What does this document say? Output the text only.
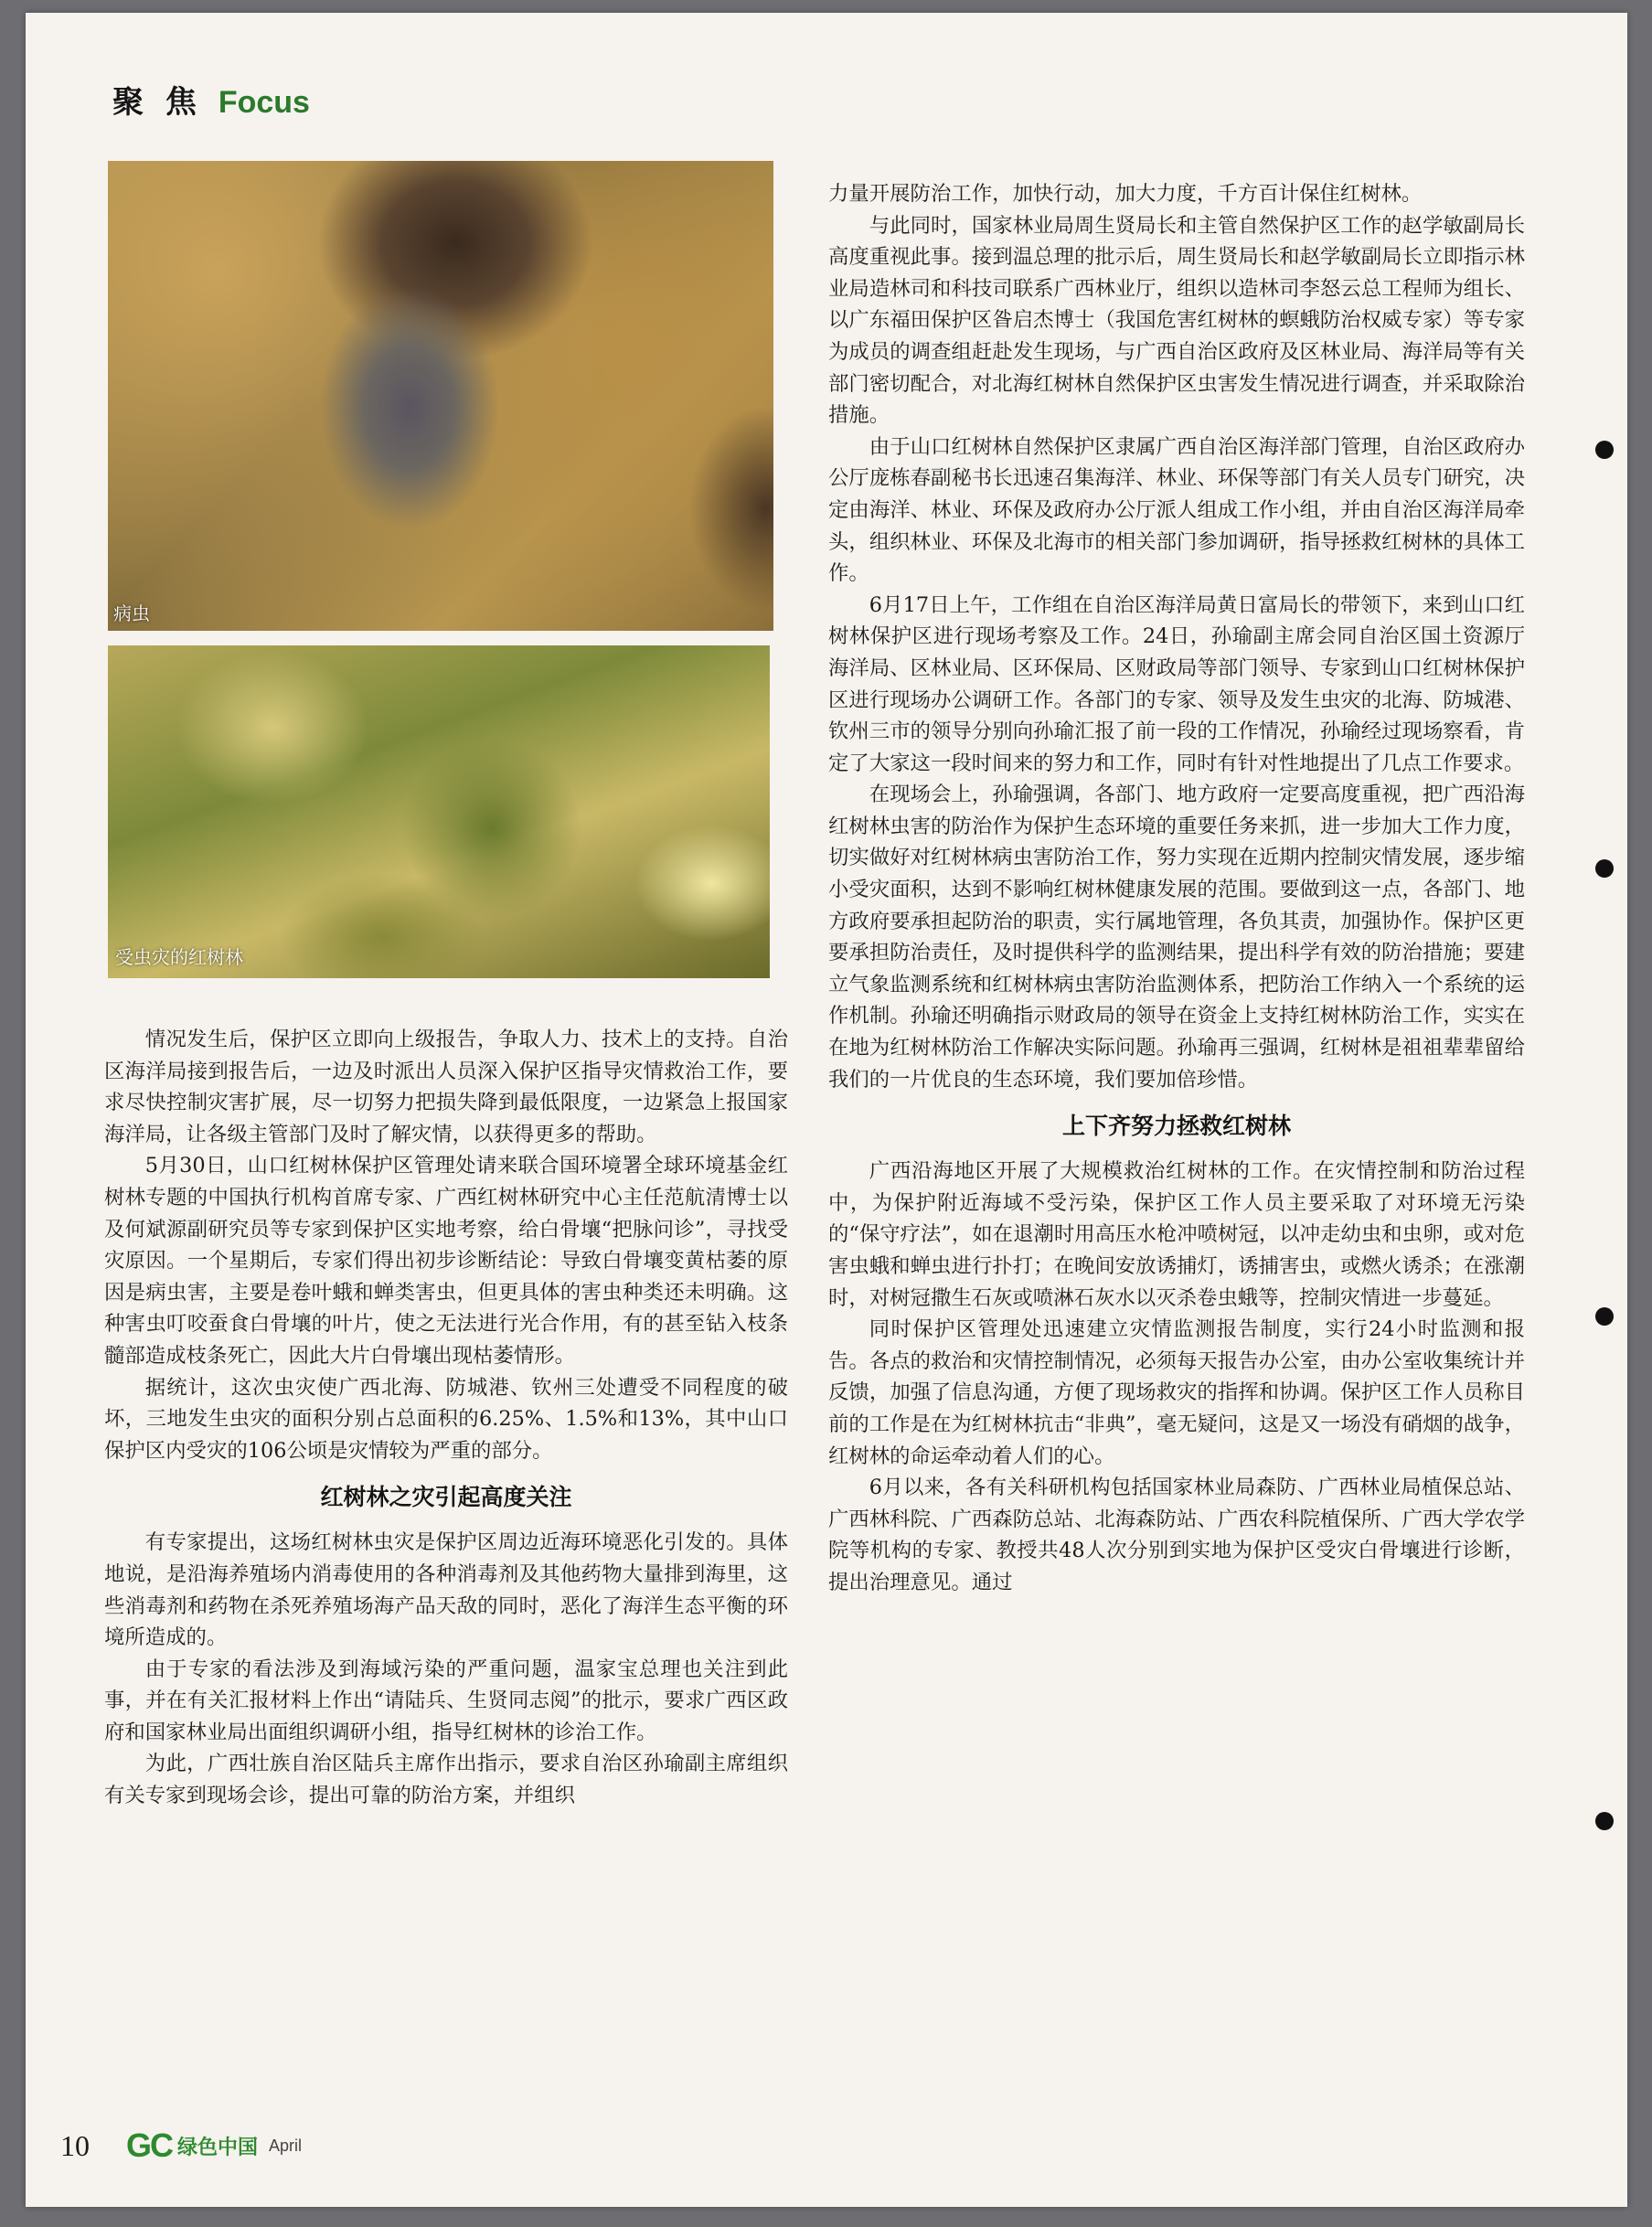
聚 焦 Focus
病虫
受虫灾的红树林

情况发生后，保护区立即向上级报告，争取人力、技术上的支持。自治区海洋局接到报告后，一边及时派出人员深入保护区指导灾情救治工作，要求尽快控制灾害扩展，尽一切努力把损失降到最低限度，一边紧急上报国家海洋局，让各级主管部门及时了解灾情，以获得更多的帮助。

5月30日，山口红树林保护区管理处请来联合国环境署全球环境基金红树林专题的中国执行机构首席专家、广西红树林研究中心主任范航清博士以及何斌源副研究员等专家到保护区实地考察，给白骨壤“把脉问诊”，寻找受灾原因。一个星期后，专家们得出初步诊断结论：导致白骨壤变黄枯萎的原因是病虫害，主要是卷叶蛾和蝉类害虫，但更具体的害虫种类还未明确。这种害虫叮咬蚕食白骨壤的叶片，使之无法进行光合作用，有的甚至钻入枝条髓部造成枝条死亡，因此大片白骨壤出现枯萎情形。

据统计，这次虫灾使广西北海、防城港、钦州三处遭受不同程度的破坏，三地发生虫灾的面积分别占总面积的6.25%、1.5%和13%，其中山口保护区内受灾的106公顷是灾情较为严重的部分。

红树林之灾引起高度关注

有专家提出，这场红树林虫灾是保护区周边近海环境恶化引发的。具体地说，是沿海养殖场内消毒使用的各种消毒剂及其他药物大量排到海里，这些消毒剂和药物在杀死养殖场海产品天敌的同时，恶化了海洋生态平衡的环境所造成的。

由于专家的看法涉及到海域污染的严重问题，温家宝总理也关注到此事，并在有关汇报材料上作出“请陆兵、生贤同志阅”的批示，要求广西区政府和国家林业局出面组织调研小组，指导红树林的诊治工作。

为此，广西壮族自治区陆兵主席作出指示，要求自治区孙瑜副主席组织有关专家到现场会诊，提出可靠的防治方案，并组织

力量开展防治工作，加快行动，加大力度，千方百计保住红树林。

与此同时，国家林业局周生贤局长和主管自然保护区工作的赵学敏副局长高度重视此事。接到温总理的批示后，周生贤局长和赵学敏副局长立即指示林业局造林司和科技司联系广西林业厅，组织以造林司李怒云总工程师为组长、以广东福田保护区昝启杰博士（我国危害红树林的螟蛾防治权威专家）等专家为成员的调查组赶赴发生现场，与广西自治区政府及区林业局、海洋局等有关部门密切配合，对北海红树林自然保护区虫害发生情况进行调查，并采取除治措施。

由于山口红树林自然保护区隶属广西自治区海洋部门管理，自治区政府办公厅庞栋春副秘书长迅速召集海洋、林业、环保等部门有关人员专门研究，决定由海洋、林业、环保及政府办公厅派人组成工作小组，并由自治区海洋局牵头，组织林业、环保及北海市的相关部门参加调研，指导拯救红树林的具体工作。

6月17日上午，工作组在自治区海洋局黄日富局长的带领下，来到山口红树林保护区进行现场考察及工作。24日，孙瑜副主席会同自治区国土资源厅海洋局、区林业局、区环保局、区财政局等部门领导、专家到山口红树林保护区进行现场办公调研工作。各部门的专家、领导及发生虫灾的北海、防城港、钦州三市的领导分别向孙瑜汇报了前一段的工作情况，孙瑜经过现场察看，肯定了大家这一段时间来的努力和工作，同时有针对性地提出了几点工作要求。

在现场会上，孙瑜强调，各部门、地方政府一定要高度重视，把广西沿海红树林虫害的防治作为保护生态环境的重要任务来抓，进一步加大工作力度，切实做好对红树林病虫害防治工作，努力实现在近期内控制灾情发展，逐步缩小受灾面积，达到不影响红树林健康发展的范围。要做到这一点，各部门、地方政府要承担起防治的职责，实行属地管理，各负其责，加强协作。保护区更要承担防治责任，及时提供科学的监测结果，提出科学有效的防治措施；要建立气象监测系统和红树林病虫害防治监测体系，把防治工作纳入一个系统的运作机制。孙瑜还明确指示财政局的领导在资金上支持红树林防治工作，实实在在地为红树林防治工作解决实际问题。孙瑜再三强调，红树林是祖祖辈辈留给我们的一片优良的生态环境，我们要加倍珍惜。

上下齐努力拯救红树林

广西沿海地区开展了大规模救治红树林的工作。在灾情控制和防治过程中，为保护附近海域不受污染，保护区工作人员主要采取了对环境无污染的“保守疗法”，如在退潮时用高压水枪冲喷树冠，以冲走幼虫和虫卵，或对危害虫蛾和蝉虫进行扑打；在晚间安放诱捕灯，诱捕害虫，或燃火诱杀；在涨潮时，对树冠撒生石灰或喷淋石灰水以灭杀卷虫蛾等，控制灾情进一步蔓延。

同时保护区管理处迅速建立灾情监测报告制度，实行24小时监测和报告。各点的救治和灾情控制情况，必须每天报告办公室，由办公室收集统计并反馈，加强了信息沟通，方便了现场救灾的指挥和协调。保护区工作人员称目前的工作是在为红树林抗击“非典”，毫无疑问，这是又一场没有硝烟的战争，红树林的命运牵动着人们的心。

6月以来，各有关科研机构包括国家林业局森防、广西林业局植保总站、广西林科院、广西森防总站、北海森防站、广西农科院植保所、广西大学农学院等机构的专家、教授共48人次分别到实地为保护区受灾白骨壤进行诊断，提出治理意见。通过

10 GC 绿色中国 April
